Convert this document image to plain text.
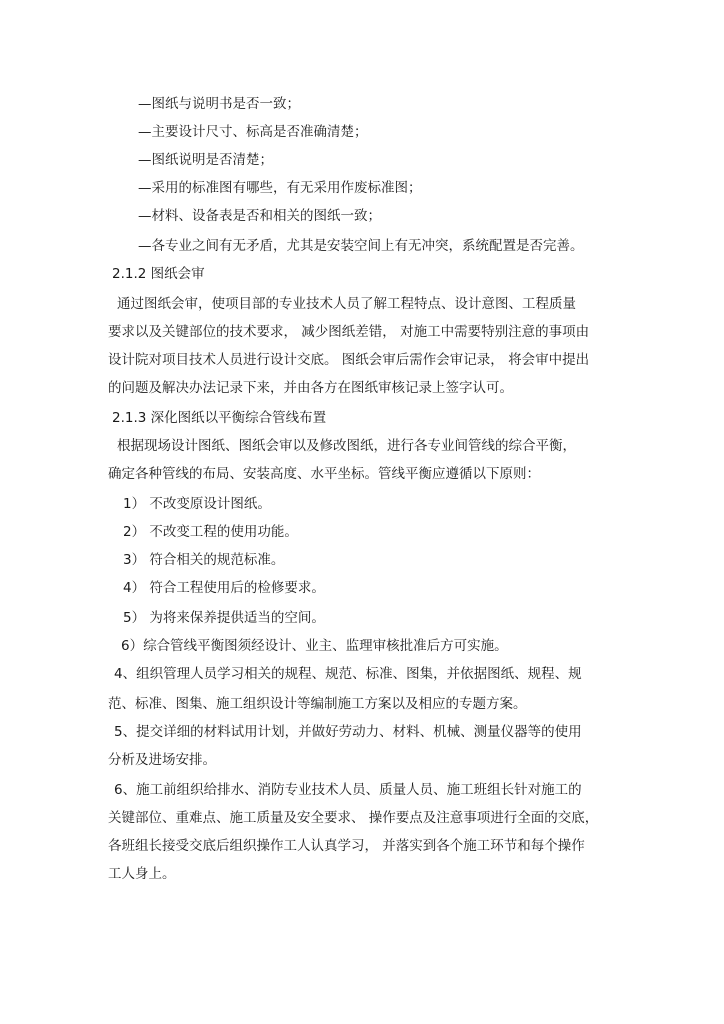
—图纸与说明书是否一致；
—主要设计尺寸、标高是否准确清楚；
—图纸说明是否清楚；
—采用的标准图有哪些，有无采用作废标准图；
—材料、设备表是否和相关的图纸一致；
—各专业之间有无矛盾，尤其是安装空间上有无冲突，系统配置是否完善。
2.1.2 图纸会审
通过图纸会审，使项目部的专业技术人员了解工程特点、设计意图、工程质量
要求以及关键部位的技术要求， 减少图纸差错， 对施工中需要特别注意的事项由
设计院对项目技术人员进行设计交底。 图纸会审后需作会审记录， 将会审中提出
的问题及解决办法记录下来，并由各方在图纸审核记录上签字认可。
2.1.3 深化图纸以平衡综合管线布置
根据现场设计图纸、图纸会审以及修改图纸，进行各专业间管线的综合平衡，
确定各种管线的布局、安装高度、水平坐标。管线平衡应遵循以下原则：
1） 不改变原设计图纸。
2） 不改变工程的使用功能。
3） 符合相关的规范标准。
4） 符合工程使用后的检修要求。
5） 为将来保养提供适当的空间。
6）综合管线平衡图须经设计、业主、监理审核批准后方可实施。
4、组织管理人员学习相关的规程、规范、标准、图集，并依据图纸、规程、规
范、标准、图集、施工组织设计等编制施工方案以及相应的专题方案。
5、提交详细的材料试用计划，并做好劳动力、材料、机械、测量仪器等的使用
分析及进场安排。
6、施工前组织给排水、消防专业技术人员、质量人员、施工班组长针对施工的
关键部位、重难点、施工质量及安全要求、 操作要点及注意事项进行全面的交底，
各班组长接受交底后组织操作工人认真学习， 并落实到各个施工环节和每个操作
工人身上。
